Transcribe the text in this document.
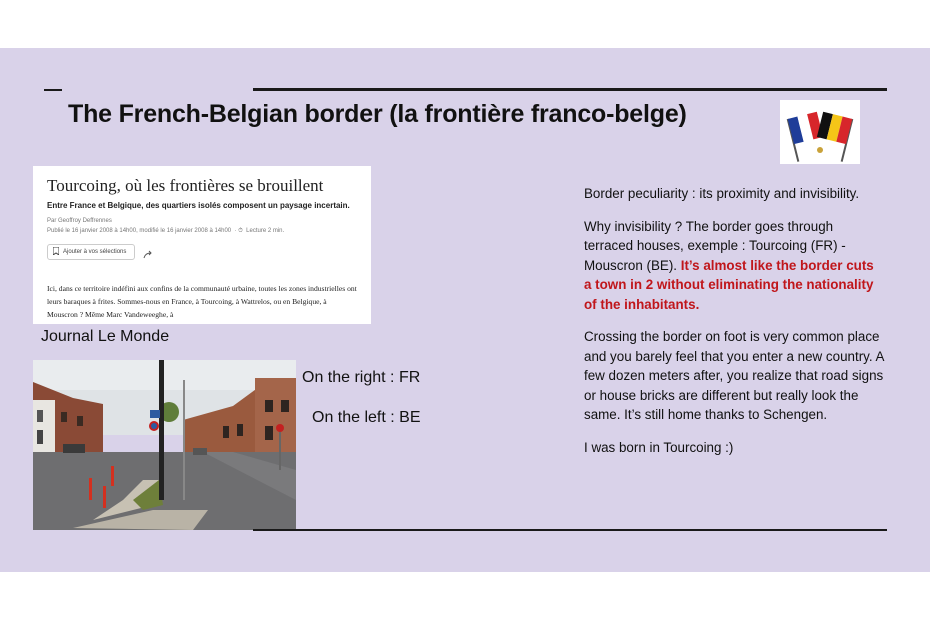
The French-Belgian border (la frontière franco-belge)
Tourcoing, où les frontières se brouillent
Entre France et Belgique, des quartiers isolés composent un paysage incertain.
Par Geoffroy Deffrennes
Publié le 16 janvier 2008 à 14h00, modifié le 16 janvier 2008 à 14h00  · ⏱  Lecture 2 min.
Ajouter à vos sélections
Ici, dans ce territoire indéfini aux confins de la communauté urbaine, toutes les zones industrielles ont leurs baraques à frites. Sommes-nous en France, à Tourcoing, à Wattrelos, ou en Belgique, à Mouscron ? Même Marc Vandeweeghe, à
Journal Le Monde
On the right : FR
On the left : BE

Border peculiarity : its proximity and invisibility.

Why invisibility ? The border goes through terraced houses, exemple : Tourcoing (FR) - Mouscron (BE). It’s almost like the border cuts a town in 2 without eliminating the nationality of the inhabitants.

Crossing the border on foot is very common place and you barely feel that you enter a new country. A few dozen meters after, you realize that road signs or house bricks are different but really look the same. It’s still home thanks to Schengen.

I was born in Tourcoing :)
